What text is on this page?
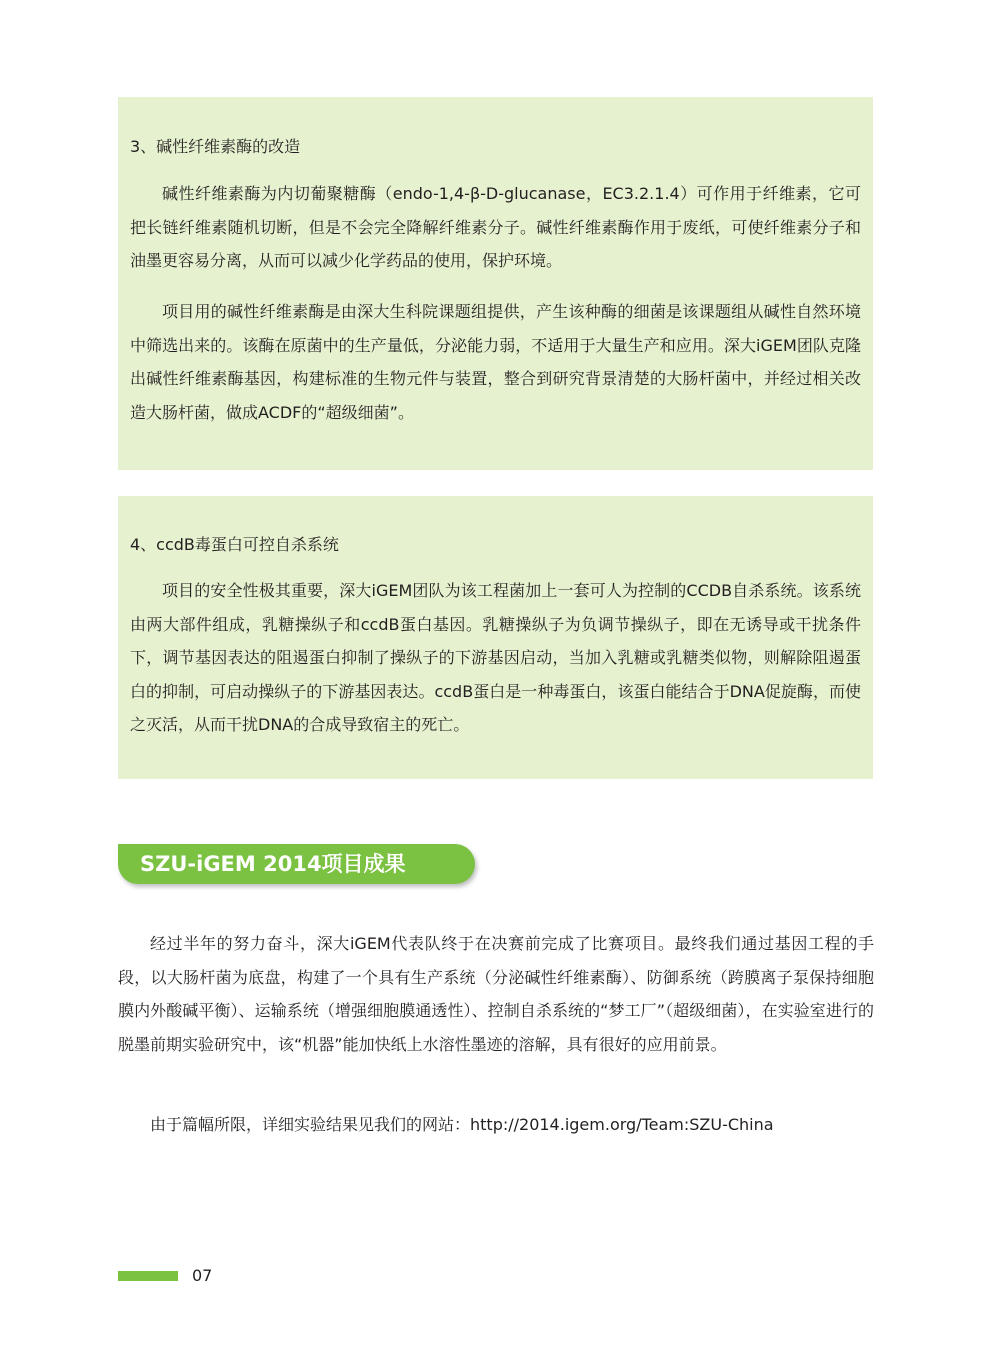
3、碱性纤维素酶的改造

碱性纤维素酶为内切葡聚糖酶（endo-1,4-β-D-glucanase，EC3.2.1.4）可作用于纤维素，它可把长链纤维素随机切断，但是不会完全降解纤维素分子。碱性纤维素酶作用于废纸，可使纤维素分子和油墨更容易分离，从而可以减少化学药品的使用，保护环境。

项目用的碱性纤维素酶是由深大生科院课题组提供，产生该种酶的细菌是该课题组从碱性自然环境中筛选出来的。该酶在原菌中的生产量低，分泌能力弱，不适用于大量生产和应用。深大iGEM团队克隆出碱性纤维素酶基因，构建标准的生物元件与装置，整合到研究背景清楚的大肠杆菌中，并经过相关改造大肠杆菌，做成ACDF的“超级细菌”。

4、ccdB毒蛋白可控自杀系统

项目的安全性极其重要，深大iGEM团队为该工程菌加上一套可人为控制的CCDB自杀系统。该系统由两大部件组成，乳糖操纵子和ccdB蛋白基因。乳糖操纵子为负调节操纵子，即在无诱导或干扰条件下，调节基因表达的阻遏蛋白抑制了操纵子的下游基因启动，当加入乳糖或乳糖类似物，则解除阻遏蛋白的抑制，可启动操纵子的下游基因表达。ccdB蛋白是一种毒蛋白，该蛋白能结合于DNA促旋酶，而使之灭活，从而干扰DNA的合成导致宿主的死亡。

SZU-iGEM 2014项目成果

经过半年的努力奋斗，深大iGEM代表队终于在决赛前完成了比赛项目。最终我们通过基因工程的手段，以大肠杆菌为底盘，构建了一个具有生产系统（分泌碱性纤维素酶）、防御系统（跨膜离子泵保持细胞膜内外酸碱平衡）、运输系统（增强细胞膜通透性）、控制自杀系统的“梦工厂”（超级细菌），在实验室进行的脱墨前期实验研究中，该“机器”能加快纸上水溶性墨迹的溶解，具有很好的应用前景。

由于篇幅所限，详细实验结果见我们的网站：http://2014.igem.org/Team:SZU-China

07
